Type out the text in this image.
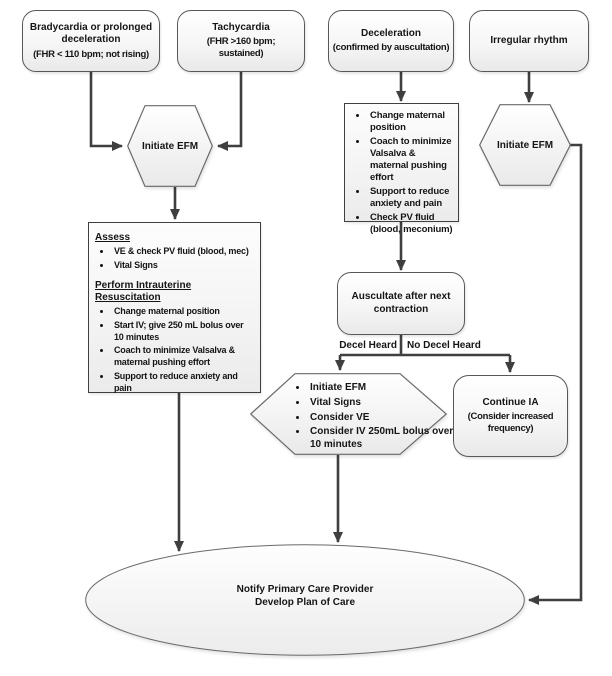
Bradycardia or prolonged deceleration
(FHR < 110 bpm; not rising)
Tachycardia
(FHR >160 bpm; sustained)
Deceleration
(confirmed by auscultation)
Irregular rhythm
Initiate EFM	Initiate EFM
• Change maternal position
• Coach to minimize Valsalva & maternal pushing effort
• Support to reduce anxiety and pain
• Check PV fluid (blood, meconium)
Assess
• VE & check PV fluid (blood, mec)
• Vital Signs
Perform Intrauterine Resuscitation
• Change maternal position
• Start IV; give 250 mL bolus over 10 minutes
• Coach to minimize Valsalva & maternal pushing effort
• Support to reduce anxiety and pain
Auscultate after next contraction
Decel Heard No Decel Heard
• Initiate EFM
• Vital Signs
• Consider VE
• Consider IV 250mL bolus over 10 minutes
Continue IA
(Consider increased frequency)
Notify Primary Care Provider
Develop Plan of Care
